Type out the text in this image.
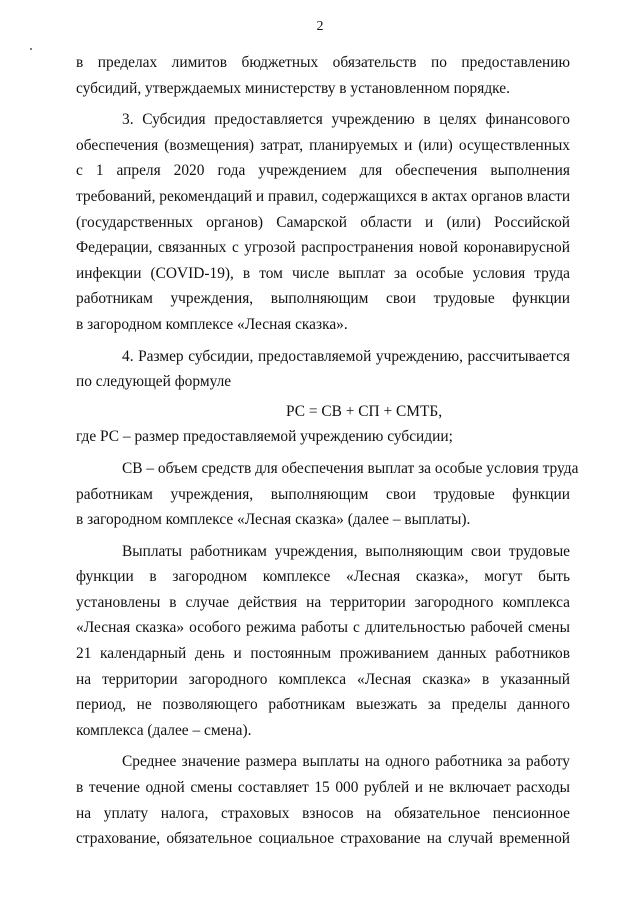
2
в пределах лимитов бюджетных обязательств по предоставлению
субсидий, утверждаемых министерству в установленном порядке.
3. Субсидия предоставляется учреждению в целях финансового
обеспечения (возмещения) затрат, планируемых и (или) осуществленных
с 1 апреля 2020 года учреждением для обеспечения выполнения
требований, рекомендаций и правил, содержащихся в актах органов власти
(государственных органов) Самарской области и (или) Российской
Федерации, связанных с угрозой распространения новой коронавирусной
инфекции (COVID-19), в том числе выплат за особые условия труда
работникам учреждения, выполняющим свои трудовые функции
в загородном комплексе «Лесная сказка».
4. Размер субсидии, предоставляемой учреждению, рассчитывается
по следующей формуле
РС = СВ + СП + СМТБ,
где РС – размер предоставляемой учреждению субсидии;
СВ – объем средств для обеспечения выплат за особые условия труда
работникам учреждения, выполняющим свои трудовые функции
в загородном комплексе «Лесная сказка» (далее – выплаты).
Выплаты работникам учреждения, выполняющим свои трудовые
функции в загородном комплексе «Лесная сказка», могут быть
установлены в случае действия на территории загородного комплекса
«Лесная сказка» особого режима работы с длительностью рабочей смены
21 календарный день и постоянным проживанием данных работников
на территории загородного комплекса «Лесная сказка» в указанный
период, не позволяющего работникам выезжать за пределы данного
комплекса (далее – смена).
Среднее значение размера выплаты на одного работника за работу
в течение одной смены составляет 15 000 рублей и не включает расходы
на уплату налога, страховых взносов на обязательное пенсионное
страхование, обязательное социальное страхование на случай временной
